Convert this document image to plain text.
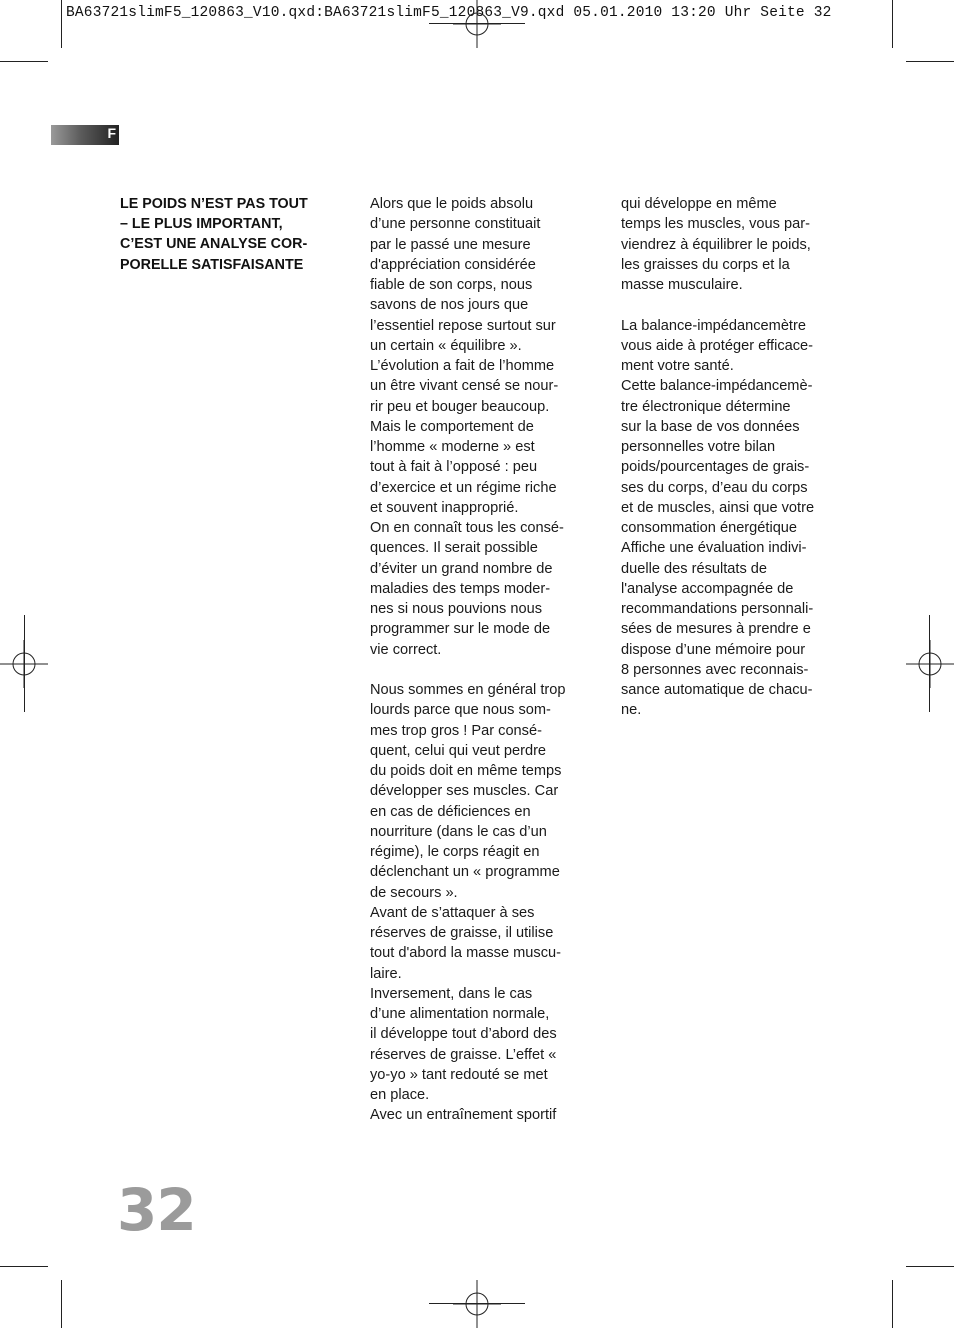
BA63721slimF5_120863_V10.qxd:BA63721slimF5_120863_V9.qxd 05.01.2010 13:20 Uhr Seite 32
F
LE POIDS N’EST PAS TOUT
– LE PLUS IMPORTANT,
C’EST UNE ANALYSE COR-
PORELLE SATISFAISANTE

Alors que le poids absolu

d’une personne constituait

par le passé une mesure

d'appréciation considérée

fiable de son corps, nous

savons de nos jours que

l’essentiel repose surtout sur

un certain « équilibre ».

L’évolution a fait de l’homme

un être vivant censé se nour-

rir peu et bouger beaucoup.

Mais le comportement de

l’homme « moderne » est

tout à fait à l’opposé : peu

d’exercice et un régime riche

et souvent inapproprié.

On en connaît tous les consé-

quences. Il serait possible

d’éviter un grand nombre de

maladies des temps moder-

nes si nous pouvions nous

programmer sur le mode de

vie correct.

Nous sommes en général trop

lourds parce que nous som-

mes trop gros ! Par consé-

quent, celui qui veut perdre

du poids doit en même temps

développer ses muscles. Car

en cas de déficiences en

nourriture (dans le cas d’un

régime), le corps réagit en

déclenchant un « programme

de secours ».

Avant de s’attaquer à ses

réserves de graisse, il utilise

tout d'abord la masse muscu-

laire.

Inversement, dans le cas

d’une alimentation normale,

il développe tout d’abord des

réserves de graisse. L’effet «

yo-yo » tant redouté se met

en place.

Avec un entraînement sportif

qui développe en même

temps les muscles, vous par-

viendrez à équilibrer le poids,

les graisses du corps et la

masse musculaire.

La balance-impédancemètre

vous aide à protéger efficace-

ment votre santé.

Cette balance-impédancemè-

tre électronique détermine

sur la base de vos données

personnelles votre bilan

poids/pourcentages de grais-

ses du corps, d’eau du corps

et de muscles, ainsi que votre

consommation énergétique

Affiche une évaluation indivi-

duelle des résultats de

l'analyse accompagnée de

recommandations personnali-

sées de mesures à prendre e

dispose d’une mémoire pour

8 personnes avec reconnais-

sance automatique de chacu-

ne.

32
